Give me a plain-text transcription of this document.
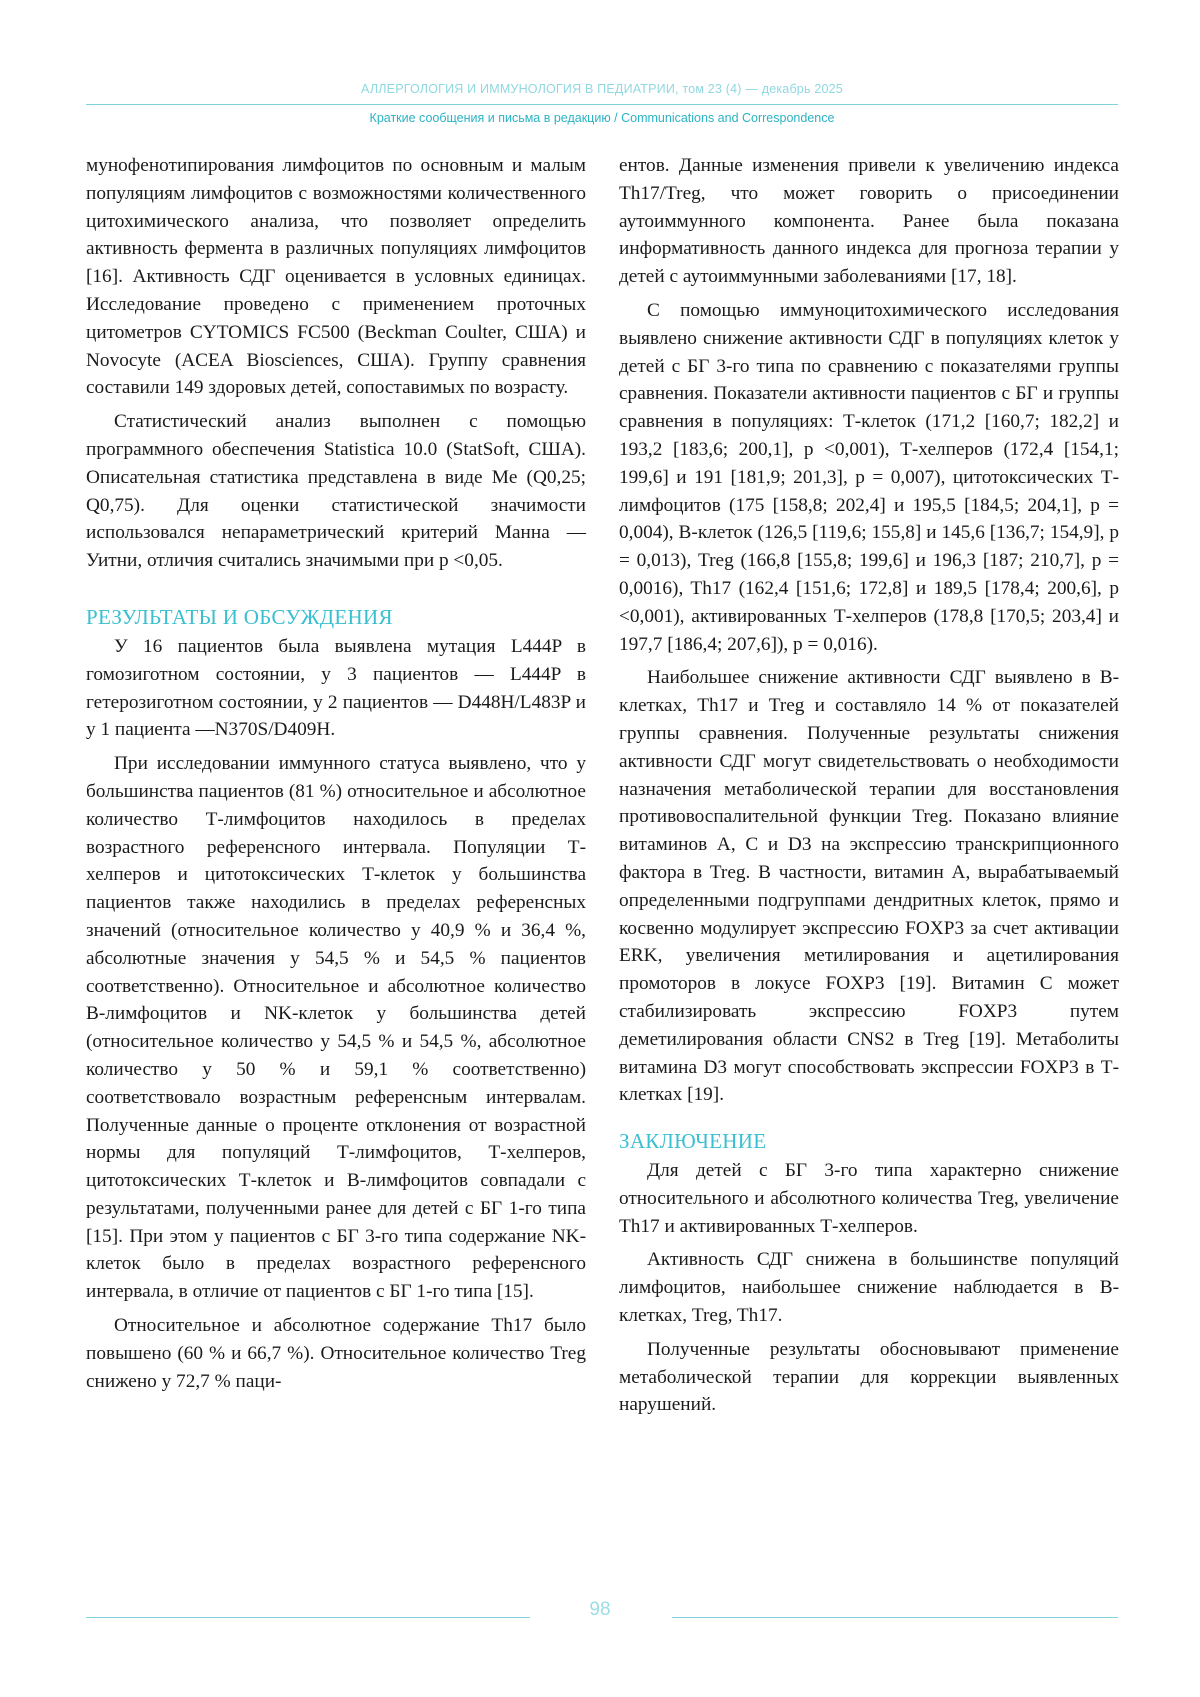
АЛЛЕРГОЛОГИЯ И ИММУНОЛОГИЯ В ПЕДИАТРИИ, том 23 (4) — декабрь 2025
Краткие сообщения и письма в редакцию / Communications and Correspondence

мунофенотипирования лимфоцитов по основным и малым популяциям лимфоцитов с возможностями количественного цитохимического анализа, что позволяет определить активность фермента в различных популяциях лимфоцитов [16]. Активность СДГ оценивается в условных единицах. Исследование проведено с применением проточных цитометров CYTOMICS FC500 (Beckman Coulter, США) и Novocyte (ACEA Biosciences, США). Группу сравнения составили 149 здоровых детей, сопоставимых по возрасту.

Статистический анализ выполнен с помощью программного обеспечения Statistica 10.0 (StatSoft, США). Описательная статистика представлена в виде Me (Q0,25; Q0,75). Для оценки статистической значимости использовался непараметрический критерий Манна — Уитни, отличия считались значимыми при p <0,05.

РЕЗУЛЬТАТЫ И ОБСУЖДЕНИЯ

У 16 пациентов была выявлена мутация L444P в гомозиготном состоянии, у 3 пациентов — L444P в гетерозиготном состоянии, у 2 пациентов — D448H/L483P и у 1 пациента —N370S/D409H.

При исследовании иммунного статуса выявлено, что у большинства пациентов (81 %) относительное и абсолютное количество Т-лимфоцитов находилось в пределах возрастного референсного интервала. Популяции Т-хелперов и цитотоксических Т-клеток у большинства пациентов также находились в пределах референсных значений (относительное количество у 40,9 % и 36,4 %, абсолютные значения у 54,5 % и 54,5 % пациентов соответственно). Относительное и абсолютное количество В-лимфоцитов и NK-клеток у большинства детей (относительное количество у 54,5 % и 54,5 %, абсолютное количество у 50 % и 59,1 % соответственно) соответствовало возрастным референсным интервалам. Полученные данные о проценте отклонения от возрастной нормы для популяций Т-лимфоцитов, Т-хелперов, цитотоксических Т-клеток и В-лимфоцитов совпадали с результатами, полученными ранее для детей с БГ 1-го типа [15]. При этом у пациентов с БГ 3-го типа содержание NK-клеток было в пределах возрастного референсного интервала, в отличие от пациентов с БГ 1-го типа [15].

Относительное и абсолютное содержание Th17 было повышено (60 % и 66,7 %). Относительное количество Treg снижено у 72,7 % паци-

ентов. Данные изменения привели к увеличению индекса Th17/Treg, что может говорить о присоединении аутоиммунного компонента. Ранее была показана информативность данного индекса для прогноза терапии у детей с аутоиммунными заболеваниями [17, 18].

С помощью иммуноцитохимического исследования выявлено снижение активности СДГ в популяциях клеток у детей с БГ 3-го типа по сравнению с показателями группы сравнения. Показатели активности пациентов с БГ и группы сравнения в популяциях: Т-клеток (171,2 [160,7; 182,2] и 193,2 [183,6; 200,1], p <0,001), Т-хелперов (172,4 [154,1; 199,6] и 191 [181,9; 201,3], p = 0,007), цитотоксических Т-лимфоцитов (175 [158,8; 202,4] и 195,5 [184,5; 204,1], p = 0,004), В-клеток (126,5 [119,6; 155,8] и 145,6 [136,7; 154,9], p = 0,013), Treg (166,8 [155,8; 199,6] и 196,3 [187; 210,7], p = 0,0016), Th17 (162,4 [151,6; 172,8] и 189,5 [178,4; 200,6], p <0,001), активированных Т-хелперов (178,8 [170,5; 203,4] и 197,7 [186,4; 207,6]), p = 0,016).

Наибольшее снижение активности СДГ выявлено в В-клетках, Th17 и Treg и составляло 14 % от показателей группы сравнения. Полученные результаты снижения активности СДГ могут свидетельствовать о необходимости назначения метаболической терапии для восстановления противовоспалительной функции Treg. Показано влияние витаминов A, C и D3 на экспрессию транскрипционного фактора в Treg. В частности, витамин A, вырабатываемый определенными подгруппами дендритных клеток, прямо и косвенно модулирует экспрессию FOXP3 за счет активации ERK, увеличения метилирования и ацетилирования промоторов в локусе FOXP3 [19]. Витамин C может стабилизировать экспрессию FOXP3 путем деметилирования области CNS2 в Treg [19]. Метаболиты витамина D3 могут способствовать экспрессии FOXP3 в Т-клетках [19].

ЗАКЛЮЧЕНИЕ

Для детей с БГ 3-го типа характерно снижение относительного и абсолютного количества Treg, увеличение Th17 и активированных Т-хелперов.

Активность СДГ снижена в большинстве популяций лимфоцитов, наибольшее снижение наблюдается в В-клетках, Treg, Th17.

Полученные результаты обосновывают применение метаболической терапии для коррекции выявленных нарушений.

98
